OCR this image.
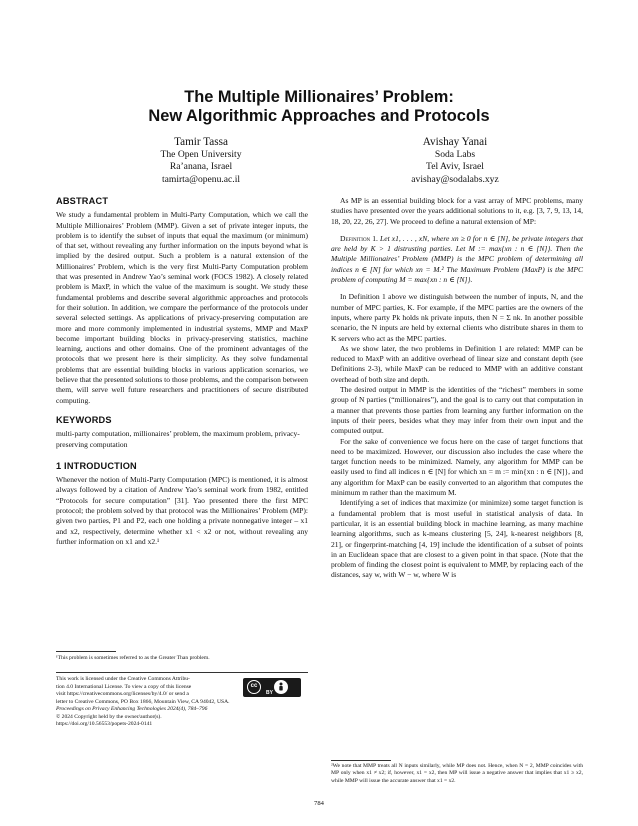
The Multiple Millionaires’ Problem:
New Algorithmic Approaches and Protocols
Tamir Tassa
The Open University
Ra’anana, Israel
tamirta@openu.ac.il
Avishay Yanai
Soda Labs
Tel Aviv, Israel
avishay@sodalabs.xyz
ABSTRACT

We study a fundamental problem in Multi-Party Computation, which we call the Multiple Millionaires’ Problem (MMP). Given a set of private integer inputs, the problem is to identify the subset of inputs that equal the maximum (or minimum) of that set, without revealing any further information on the inputs beyond what is implied by the desired output. Such a problem is a natural extension of the Millionaires’ Problem, which is the very first Multi-Party Computation problem that was presented in Andrew Yao’s seminal work (FOCS 1982). A closely related problem is MaxP, in which the value of the maximum is sought. We study these fundamental problems and describe several algorithmic approaches and protocols for their solution. In addition, we compare the performance of the protocols under several selected settings. As applications of privacy-preserving computation are more and more commonly implemented in industrial systems, MMP and MaxP become important building blocks in privacy-preserving statistics, machine learning, auctions and other domains. One of the prominent advantages of the protocols that we present here is their simplicity. As they solve fundamental problems that are essential building blocks in various application scenarios, we believe that the presented solutions to those problems, and the comparison between them, will serve well future researchers and practitioners of secure distributed computing.

KEYWORDS

multi-party computation, millionaires’ problem, the maximum problem, privacy-preserving computation

1 INTRODUCTION

Whenever the notion of Multi-Party Computation (MPC) is mentioned, it is almost always followed by a citation of Andrew Yao’s seminal work from 1982, entitled “Protocols for secure computation” [31]. Yao presented there the first MPC protocol; the problem solved by that protocol was the Millionaires’ Problem (MP): given two parties, P1 and P2, each one holding a private nonnegative integer – x1 and x2, respectively, determine whether x1 < x2 or not, without revealing any further information on x1 and x2.¹

¹This problem is sometimes referred to as the Greater Than problem.
This work is licensed under the Creative Commons Attribu-
tion 4.0 International License. To view a copy of this license
visit https://creativecommons.org/licenses/by/4.0/ or send a
letter to Creative Commons, PO Box 1866, Mountain View, CA 94042, USA.
Proceedings on Privacy Enhancing Technologies 2024(4), 784–796
© 2024 Copyright held by the owner/author(s).
https://doi.org/10.56553/popets-2024-0141
cc
BY

As MP is an essential building block for a vast array of MPC problems, many studies have presented over the years additional solutions to it, e.g. [3, 7, 9, 13, 14, 18, 20, 22, 26, 27]. We proceed to define a natural extension of MP:

Definition 1. Let x1, . . . , xN, where xn ≥ 0 for n ∈ [N], be private integers that are held by K > 1 distrusting parties. Let M := max{xn : n ∈ [N]}. Then the Multiple Millionaires’ Problem (MMP) is the MPC problem of determining all indices n ∈ [N] for which xn = M.² The Maximum Problem (MaxP) is the MPC problem of computing M = max{xn : n ∈ [N]}.

In Definition 1 above we distinguish between the number of inputs, N, and the number of MPC parties, K. For example, if the MPC parties are the owners of the inputs, where party Pk holds nk private inputs, then N = Σ nk. In another possible scenario, the N inputs are held by external clients who distribute shares in them to K servers who act as the MPC parties.

As we show later, the two problems in Definition 1 are related: MMP can be reduced to MaxP with an additive overhead of linear size and constant depth (see Definitions 2-3), while MaxP can be reduced to MMP with an additive constant overhead of both size and depth.

The desired output in MMP is the identities of the “richest” members in some group of N parties (“millionaires”), and the goal is to carry out that computation in a manner that prevents those parties from learning any further information on the inputs of their peers, besides what they may infer from their own input and the computed output.

For the sake of convenience we focus here on the case of target functions that need to be maximized. However, our discussion also includes the case where the target function needs to be minimized. Namely, any algorithm for MMP can be easily used to find all indices n ∈ [N] for which xn = m := min{xn : n ∈ [N]}, and any algorithm for MaxP can be easily converted to an algorithm that computes the minimum m rather than the maximum M.

Identifying a set of indices that maximize (or minimize) some target function is a fundamental problem that is most useful in statistical analysis of data. In particular, it is an essential building block in machine learning, as many machine learning algorithms, such as k-means clustering [5, 24], k-nearest neighbors [8, 21], or fingerprint-matching [4, 19] include the identification of a subset of points in an Euclidean space that are closest to a given point in that space. (Note that the problem of finding the closest point is equivalent to MMP, by replacing each of the distances, say w, with W − w, where W is

²We note that MMP treats all N inputs similarly, while MP does not. Hence, when N = 2, MMP coincides with MP only when x1 ≠ x2; if, however, x1 = x2, then MP will issue a negative answer that implies that x1 ≥ x2, while MMP will issue the accurate answer that x1 = x2.
784
